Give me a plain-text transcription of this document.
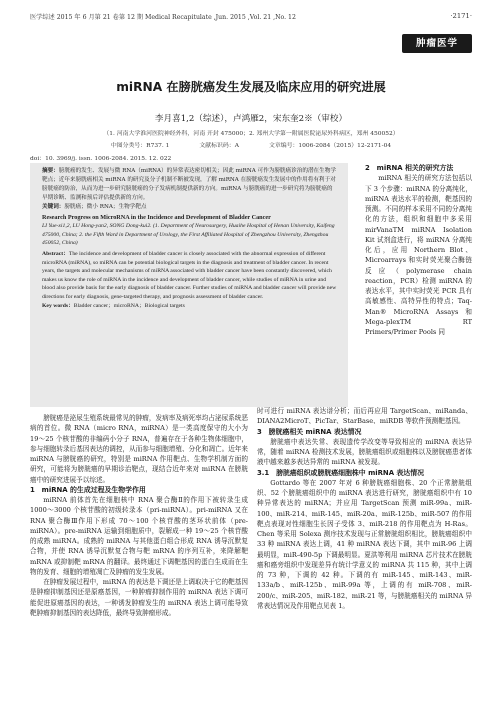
医学综述 2015 年 6 月第 21 卷第 12 期 Medical Recapitulate ,Jun. 2015 ,Vol. 21 ,No. 12	·2171·
肿瘤医学
miRNA 在膀胱癌发生发展及临床应用的研究进展
李月喜1,2（综述），卢鸿雁2，宋东奎2※（审校）
（1. 河南大学淮河医院神经外科，河南 开封 475000；2. 郑州大学第一附属医院泌尿外科病区，郑州 450052）
中图分类号：R737. 1	文献标识码：A	文章编号：1006-2084（2015）12-2171-04
doi：10. 3969/j. issn. 1006-2084. 2015. 12. 022

摘要：膀胱癌的发生、发展与微 RNA（miRNA）的异常表达密切相关；因此 miRNA 可作为膀胱癌诊治的潜在生物学靶点；近年来膀胱癌相关 miRNA 的研究及分子机制不断被发现，了解 miRNA 在膀胱癌发生发展中的作用将有利于对膀胱癌的防治，从而为进一步研究膀胱癌的分子发病机制提供新的方向。miRNA 与膀胱癌的进一步研究将为膀胱癌的早期诊断、监测和预后评估提供新的方向。

关键词：膀胱癌；微小 RNA；生物学靶点

Research Progress on MicroRNA in the Incidence and Development of Bladder Cancer

LI Yue-xi1,2, LU Hong-yan2, SONG Dong-kui2. (1. Department of Neurosurgery, Huaihe Hospital of Henan University, Kaifeng 475000, China; 2. the Fifth Ward in Department of Urology, the First Affiliated Hospital of Zhengzhou University, Zhengzhou 450052, China)

Abstract：The incidence and development of bladder cancer is closely associated with the abnormal expression of different microRNA (miRNA), so miRNA can be potential biological targets in the diagnosis and treatment of bladder cancer. In recent years, the targets and molecular mechanisms of miRNA associated with bladder cancer have been constantly discovered, which makes us know the role of miRNA in the incidence and development of bladder cancer, while studies of miRNA in urine and blood also provide basis for the early diagnosis of bladder cancer. Further studies of miRNA and bladder cancer will provide new directions for early diagnosis, gene-targeted therapy, and prognosis assessment of bladder cancer.

Key words：Bladder cancer；microRNA；Biological targets

2　miRNA 相关的研究方法

miRNA 相关的研究方法包括以下 3 个步骤：miRNA 的分离纯化，miRNA 表达水平的检测，靶基因的预测。不同的样本采用不同的分离纯化的方法，组织和细胞中多采用 mirVanaTM miRNA Isolation Kit 试剂盒进行，将 miRNA 分离纯化后，应用 Northern Blot、Microarrays 和实时荧光聚合酶链反应（polymerase chain reaction，PCR）检测 miRNA 的表达水平，其中实时荧光 PCR 具有高敏感性、高特异性的特点；Taq-Man® MicroRNA Assays 和 Mega-plexTM RT Primers/Primer Pools 同

膀胱癌是泌尿生殖系统最常见的肿瘤，发病率及病死率均占泌尿系统恶病的首位。微 RNA（micro RNA，miRNA）是一类高度保守的大小为 19～25 个核苷酸的非编码小分子 RNA，普遍存在于各种生物体细胞中，参与细胞转录后基因表达的调控，从而参与细胞增殖、分化和凋亡。近年来 miRNA 与膀胱癌的研究，特别是 miRNA 作用靶点、生物学机制方面的研究，可能将为膀胱癌的早期诊治靶点，现结合近年来对 miRNA 在膀胱癌中的研究进展予以综述。

1　miRNA 的生成过程及生物学作用

miRNA 前体首先在细胞核中 RNA 聚合酶Ⅱ的作用下被转录生成 1000～3000 个核苷酸的初级转录本（pri-miRNA）。pri-miRNA 又在 RNA 聚合酶Ⅲ作用下形成 70～100 个核苷酸的茎环状前体（pre-miRNA）。pre-miRNA 运输到细胞质中，裂解成一种 19～25 个核苷酸的成熟 miRNA。成熟的 miRNA 与其他蛋白组合形成 RNA 诱导沉默复合物，并使 RNA 诱导沉默复合物与靶 mRNA 的序列互补，来降解靶 mRNA 或抑制靶 mRNA 的翻译。最终通过下调靶基因的蛋白生成而在生物的发育、细胞的增殖凋亡及肿瘤的发生发展。

在肿瘤发展过程中，miRNA 的表达是下调还是上调取决于它的靶基因是肿瘤抑制基因还是原癌基因，一种肿瘤抑制作用的 miRNA 表达下调可能促进原癌基因的表达，一种诱发肿瘤发生的 miRNA 表达上调可能导致靶肿瘤抑制基因的表达降低，最终导致肿瘤形成。

时可进行 miRNA 表达谱分析；而后再应用 TargetScan、miRanda、DIANA2MicroT、PicTar、StarBase、miRDB 等软件预测靶基因。

3　膀胱癌相关 miRNA 表达情况

膀胱癌中表达失常、表现遗传学改变等导致相应的 miRNA 表达异常，随着 miRNA 检测技术发展，膀胱癌组织或细胞株以及膀胱癌患者体液中越来越多表达异常的 miRNA 被发现。

3.1　膀胱癌组织或膀胱癌细胞株中 miRNA 表达情况

Gottardo 等在 2007 年对 6 种膀胱癌细胞株、20 个正常膀胱组织、52 个膀胱癌组织中的 miRNA 表达进行研究，膀胱癌组织中有 10 种异常表达的 miRNA；并应用 TargetScan 预测 miR-99a、miR-100、miR-214、miR-145、miR-20a、miR-125b、miR-507 的作用靶点表现对性细胞生长因子受体 3、miR-218 的作用靶点为 H-Ras。Chen 等采用 Solexa 测序技术发现与正常膀胱组织相比，膀胱癌组织中 33 种 miRNA 表达上调，41 种 miRNA 表达下调，其中 miR-96 上调最明显，miR-490-5p 下调最明显。夏洪等利用 miRNA 芯片技术在膀胱癌和癌旁组织中发现差异有统计学意义的 miRNA 共 115 种，其中上调的 73 种，下调的 42 种。下调的有 miR-145、miR-143、miR-133a/b、miR-125b、miR-99a 等，上调的有 miR-708、miR-200/c、miR-205、miR-182、miR-21 等，与膀胱癌相关的 miRNA 异常表达情况及作用靶点见表 1。
